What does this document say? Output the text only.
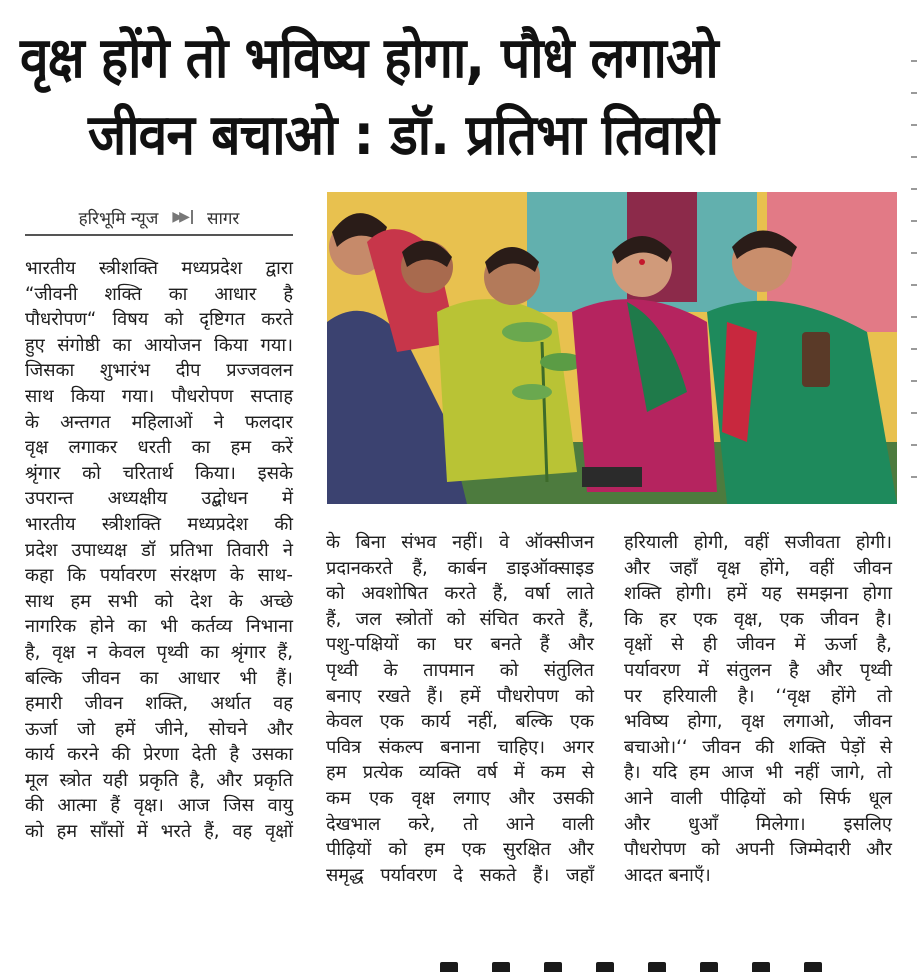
वृक्ष होंगे तो भविष्य होगा, पौधे लगाओ
जीवन बचाओ : डॉ. प्रतिभा तिवारी
हरिभूमि न्यूज ▶▶	सागर

भारतीय स्त्रीशक्ति मध्यप्रदेश द्वारा

“जीवनी शक्ति का आधार है

पौधरोपण“ विषय को दृष्टिगत करते

हुए संगोष्ठी का आयोजन किया गया।

जिसका शुभारंभ दीप प्रज्जवलन

साथ किया गया। पौधरोपण सप्ताह

के अन्तगत महिलाओं ने फलदार

वृक्ष लगाकर धरती का हम करें

श्रृंगार को चरितार्थ किया। इसके

उपरान्त अध्यक्षीय उद्बोधन में

भारतीय स्त्रीशक्ति मध्यप्रदेश की

प्रदेश उपाध्यक्ष डॉ प्रतिभा तिवारी ने

कहा कि पर्यावरण संरक्षण के साथ-

साथ हम सभी को देश के अच्छे

नागरिक होने का भी कर्तव्य निभाना

है, वृक्ष न केवल पृथ्वी का श्रृंगार हैं,

बल्कि जीवन का आधार भी हैं।

हमारी जीवन शक्ति, अर्थात वह

ऊर्जा जो हमें जीने, सोचने और

कार्य करने की प्रेरणा देती है उसका

मूल स्त्रोत यही प्रकृति है, और प्रकृति

की आत्मा हैं वृक्ष। आज जिस वायु

को हम साँसों में भरते हैं, वह वृक्षों

के बिना संभव नहीं। वे ऑक्सीजन

प्रदानकरते हैं, कार्बन डाइऑक्साइड

को अवशोषित करते हैं, वर्षा लाते

हैं, जल स्त्रोतों को संचित करते हैं,

पशु-पक्षियों का घर बनते हैं और

पृथ्वी के तापमान को संतुलित

बनाए रखते हैं। हमें पौधरोपण को

केवल एक कार्य नहीं, बल्कि एक

पवित्र संकल्प बनाना चाहिए। अगर

हम प्रत्येक व्यक्ति वर्ष में कम से

कम एक वृक्ष लगाए और उसकी

देखभाल करे, तो आने वाली

पीढ़ियों को हम एक सुरक्षित और

समृद्ध पर्यावरण दे सकते हैं। जहाँ

हरियाली होगी, वहीं सजीवता होगी।

और जहाँ वृक्ष होंगे, वहीं जीवन

शक्ति होगी। हमें यह समझना होगा

कि हर एक वृक्ष, एक जीवन है।

वृक्षों से ही जीवन में ऊर्जा है,

पर्यावरण में संतुलन है और पृथ्वी

पर हरियाली है। ‘‘वृक्ष होंगे तो

भविष्य होगा, वृक्ष लगाओ, जीवन

बचाओ।‘‘ जीवन की शक्ति पेड़ों से

है। यदि हम आज भी नहीं जागे, तो

आने वाली पीढ़ियों को सिर्फ धूल

और धुआँ मिलेगा। इसलिए

पौधरोपण को अपनी जिम्मेदारी और

आदत बनाएँ।
